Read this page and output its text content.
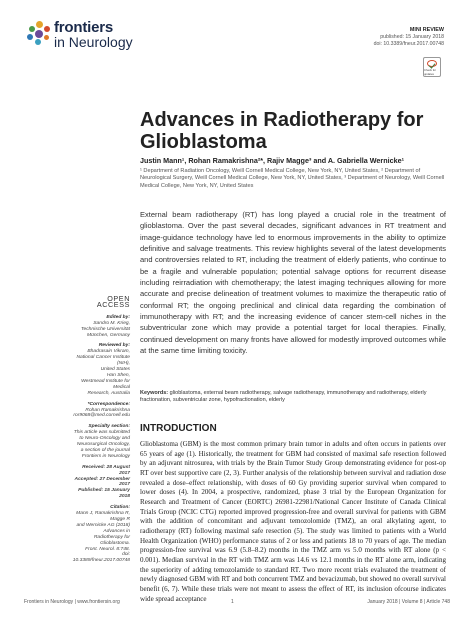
frontiers
in Neurology
MINI REVIEW
published: 15 January 2018
doi: 10.3389/fneur.2017.00748
Check for updates
Advances in Radiotherapy for Glioblastoma
Justin Mann¹, Rohan Ramakrishna²*, Rajiv Magge³ and A. Gabriella Wernicke¹
¹ Department of Radiation Oncology, Weill Cornell Medical College, New York, NY, United States, ² Department of Neurological Surgery, Weill Cornell Medical College, New York, NY, United States, ³ Department of Neurology, Weill Cornell Medical College, New York, NY, United States
External beam radiotherapy (RT) has long played a crucial role in the treatment of glioblastoma. Over the past several decades, significant advances in RT treatment and image-guidance technology have led to enormous improvements in the ability to optimize definitive and salvage treatments. This review highlights several of the latest developments and controversies related to RT, including the treatment of elderly patients, who continue to be a fragile and vulnerable population; potential salvage options for recurrent disease including reirradiation with chemotherapy; the latest imaging techniques allowing for more accurate and precise delineation of treatment volumes to maximize the therapeutic ratio of conformal RT; the ongoing preclinical and clinical data regarding the combination of immunotherapy with RT; and the increasing evidence of cancer stem-cell niches in the subventricular zone which may provide a potential target for local therapies. Finally, continued development on many fronts have allowed for modestly improved outcomes while at the same time limiting toxicity.
Keywords: glioblastoma, external beam radiotherapy, salvage radiotherapy, immunotherapy and radiotherapy, elderly fractionation, subventricular zone, hypofractionation, elderly
OPEN ACCESS
Edited by:
Sandro M. Krieg,
Technische Universität
München, Germany
Reviewed by:
Bhadrasain Vikram,
National Cancer Institute (NIH),
United States
Han Shen,
Westmead Institute for Medical
Research, Australia
*Correspondence:
Rohan Ramakrishna
ror9068@med.cornell.edu
Specialty section:
This article was submitted
to Neuro-Oncology and
Neurosurgical Oncology,
a section of the journal
Frontiers in Neurology
Received: 28 August 2017
Accepted: 27 December 2017
Published: 15 January 2018
Citation:
Mann J, Ramakrishna R, Magge R
and Wernicke AG (2018) Advances in
Radiotherapy for Glioblastoma.
Front. Neurol. 8:748.
doi: 10.3389/fneur.2017.00748
INTRODUCTION
Glioblastoma (GBM) is the most common primary brain tumor in adults and often occurs in patients over 65 years of age (1). Historically, the treatment for GBM had consisted of maximal safe resection followed by an adjuvant nitrosurea, with trials by the Brain Tumor Study Group demonstrating evidence for post-op RT over best supportive care (2, 3). Further analysis of the relationship between survival and radiation dose revealed a dose–effect relationship, with doses of 60 Gy providing superior survival when compared to lower doses (4). In 2004, a prospective, randomized, phase 3 trial by the European Organization for Research and Treatment of Cancer (EORTC) 26981-22981/National Cancer Institute of Canada Clinical Trials Group (NCIC CTG) reported improved progression-free and overall survival for patients with GBM with the addition of concomitant and adjuvant temozolomide (TMZ), an oral alkylating agent, to radiotherapy (RT) following maximal safe resection (5). The study was limited to patients with a World Health Organization (WHO) performance status of 2 or less and patients 18 to 70 years of age. The median progression-free survival was 6.9 (5.8–8.2) months in the TMZ arm vs 5.0 months with RT alone (p < 0.001). Median survival in the RT with TMZ arm was 14.6 vs 12.1 months in the RT alone arm, indicating the superiority of adding temozolamide to standard RT. Two more recent trials evaluated the treatment of newly diagnosed GBM with RT and both concurrent TMZ and bevacizumab, but showed no overall survival benefit (6, 7). While these trials were not meant to assess the effect of RT, its inclusion ofcourse indicates wide spread acceptance
Frontiers in Neurology | www.frontiersin.org	1	January 2018 | Volume 8 | Article 748
